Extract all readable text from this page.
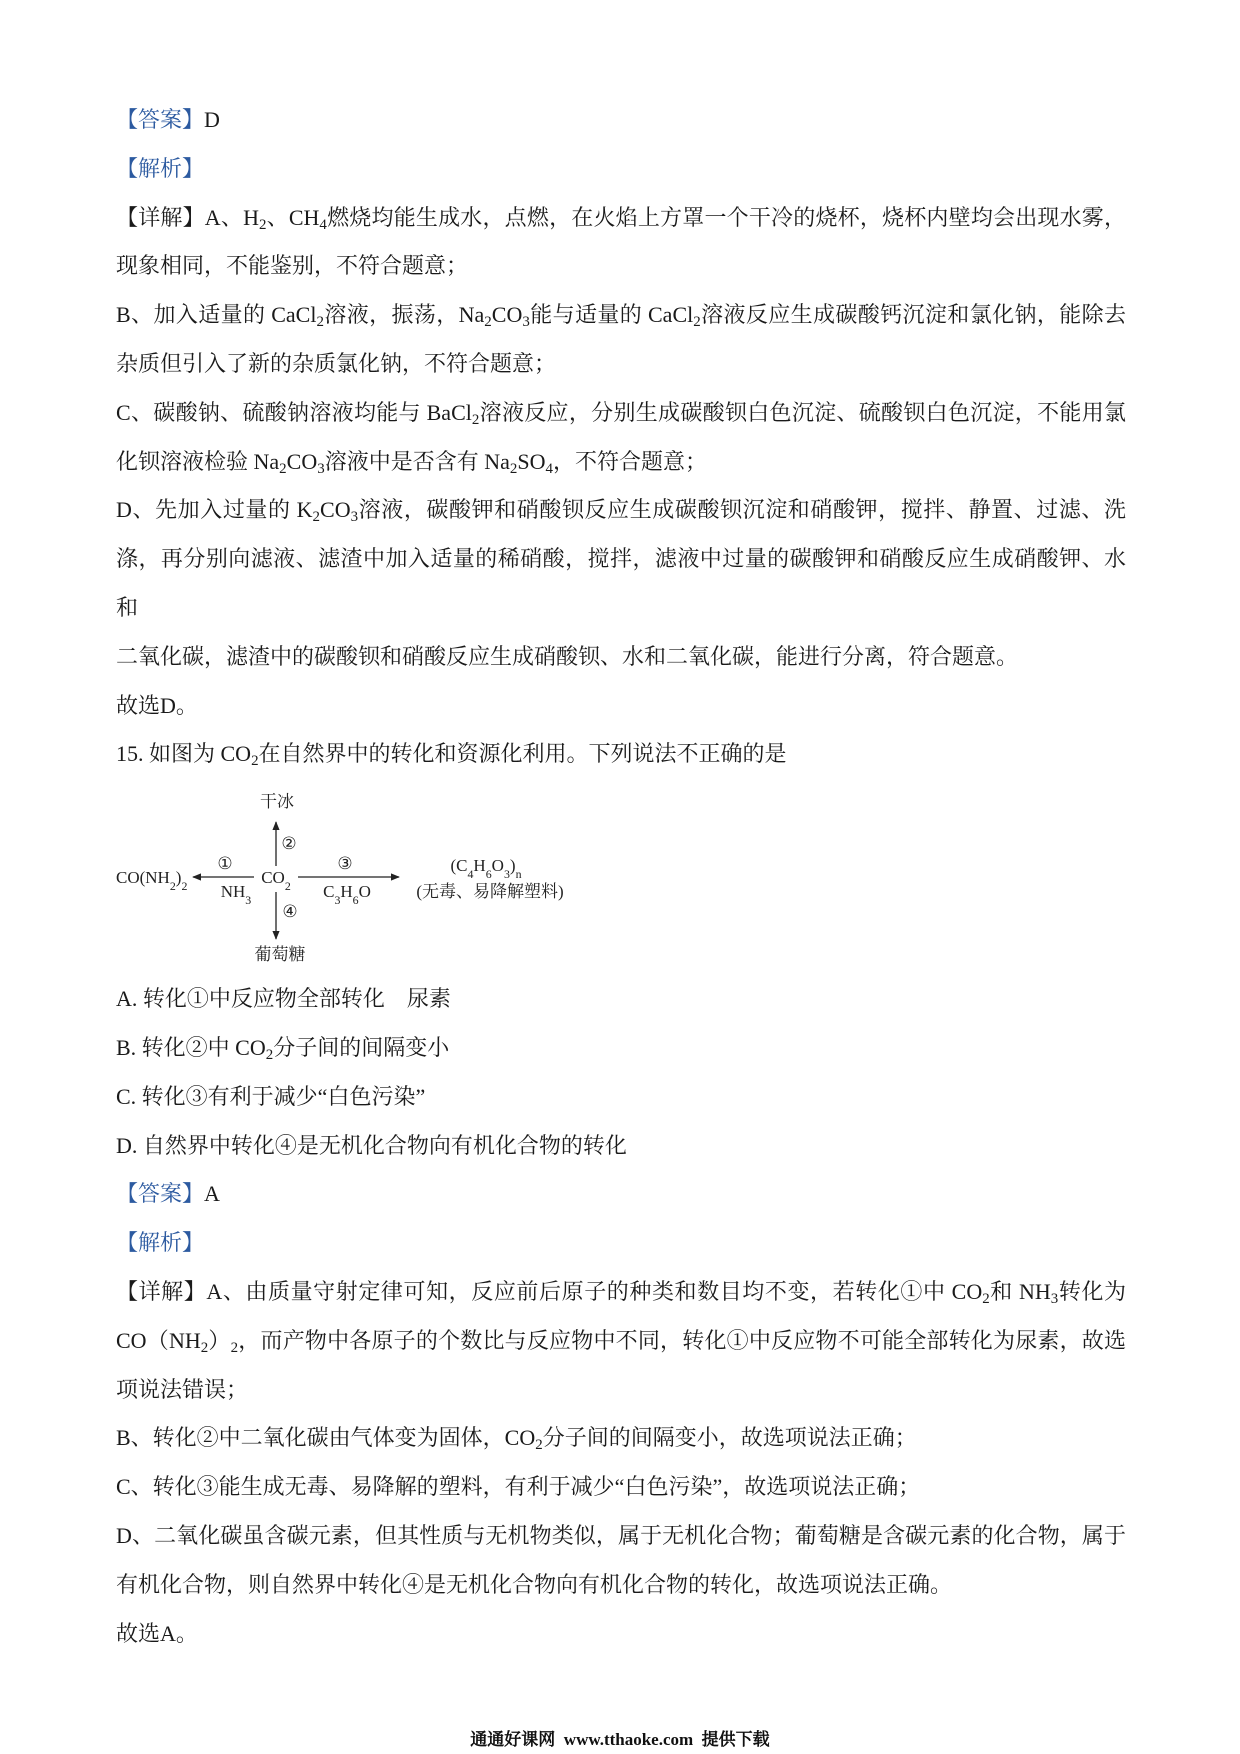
【答案】D
【解析】
【详解】A、$H_2$、$CH_4$燃烧均能生成水，点燃，在火焰上方罩一个干冷的烧杯，烧杯内壁均会出现水雾，
现象相同，不能鉴别，不符合题意；
B、加入适量的 CaCl$_2$溶液，振荡，$Na_2CO_3$能与适量的 CaCl$_2$溶液反应生成碳酸钙沉淀和氯化钠，能除去
杂质但引入了新的杂质氯化钠，不符合题意；
C、碳酸钠、硫酸钠溶液均能与 BaCl$_2$溶液反应，分别生成碳酸钡白色沉淀、硫酸钡白色沉淀，不能用氯
化钡溶液检验 $Na_2CO_3$溶液中是否含有 $Na_2SO_4$，不符合题意；
D、先加入过量的 $K_2CO_3$溶液，碳酸钾和硝酸钡反应生成碳酸钡沉淀和硝酸钾，搅拌、静置、过滤、洗
涤，再分别向滤液、滤渣中加入适量的稀硝酸，搅拌，滤液中过量的碳酸钾和硝酸反应生成硝酸钾、水和
二氧化碳，滤渣中的碳酸钡和硝酸反应生成硝酸钡、水和二氧化碳，能进行分离，符合题意。
故选D。
15. 如图为 $CO_2$在自然界中的转化和资源化利用。下列说法不正确的是
干冰
②
$CO(NH_2)_2$
①
$NH_3$
$CO_2$
③
$C_3H_6O$
$(C_4H_6O_3)_n$
(无毒、易降解塑料)
④
葡萄糖
A. 转化①中反应物全部转化    尿素
B. 转化②中 $CO_2$分子间的间隔变小
C. 转化③有利于减少“白色污染”
D. 自然界中转化④是无机化合物向有机化合物的转化
【答案】A
【解析】
【详解】A、由质量守射定律可知，反应前后原子的种类和数目均不变，若转化①中 $CO_2$和 $NH_3$转化为
$CO(NH_2)_2$，而产物中各原子的个数比与反应物中不同，转化①中反应物不可能全部转化为尿素，故选
项说法错误；
B、转化②中二氧化碳由气体变为固体，$CO_2$分子间的间隔变小，故选项说法正确；
C、转化③能生成无毒、易降解的塑料，有利于减少“白色污染”，故选项说法正确；
D、二氧化碳虽含碳元素，但其性质与无机物类似，属于无机化合物；葡萄糖是含碳元素的化合物，属于
有机化合物，则自然界中转化④是无机化合物向有机化合物的转化，故选项说法正确。
故选A。
通通好课网  www.tthaoke.com  提供下载
